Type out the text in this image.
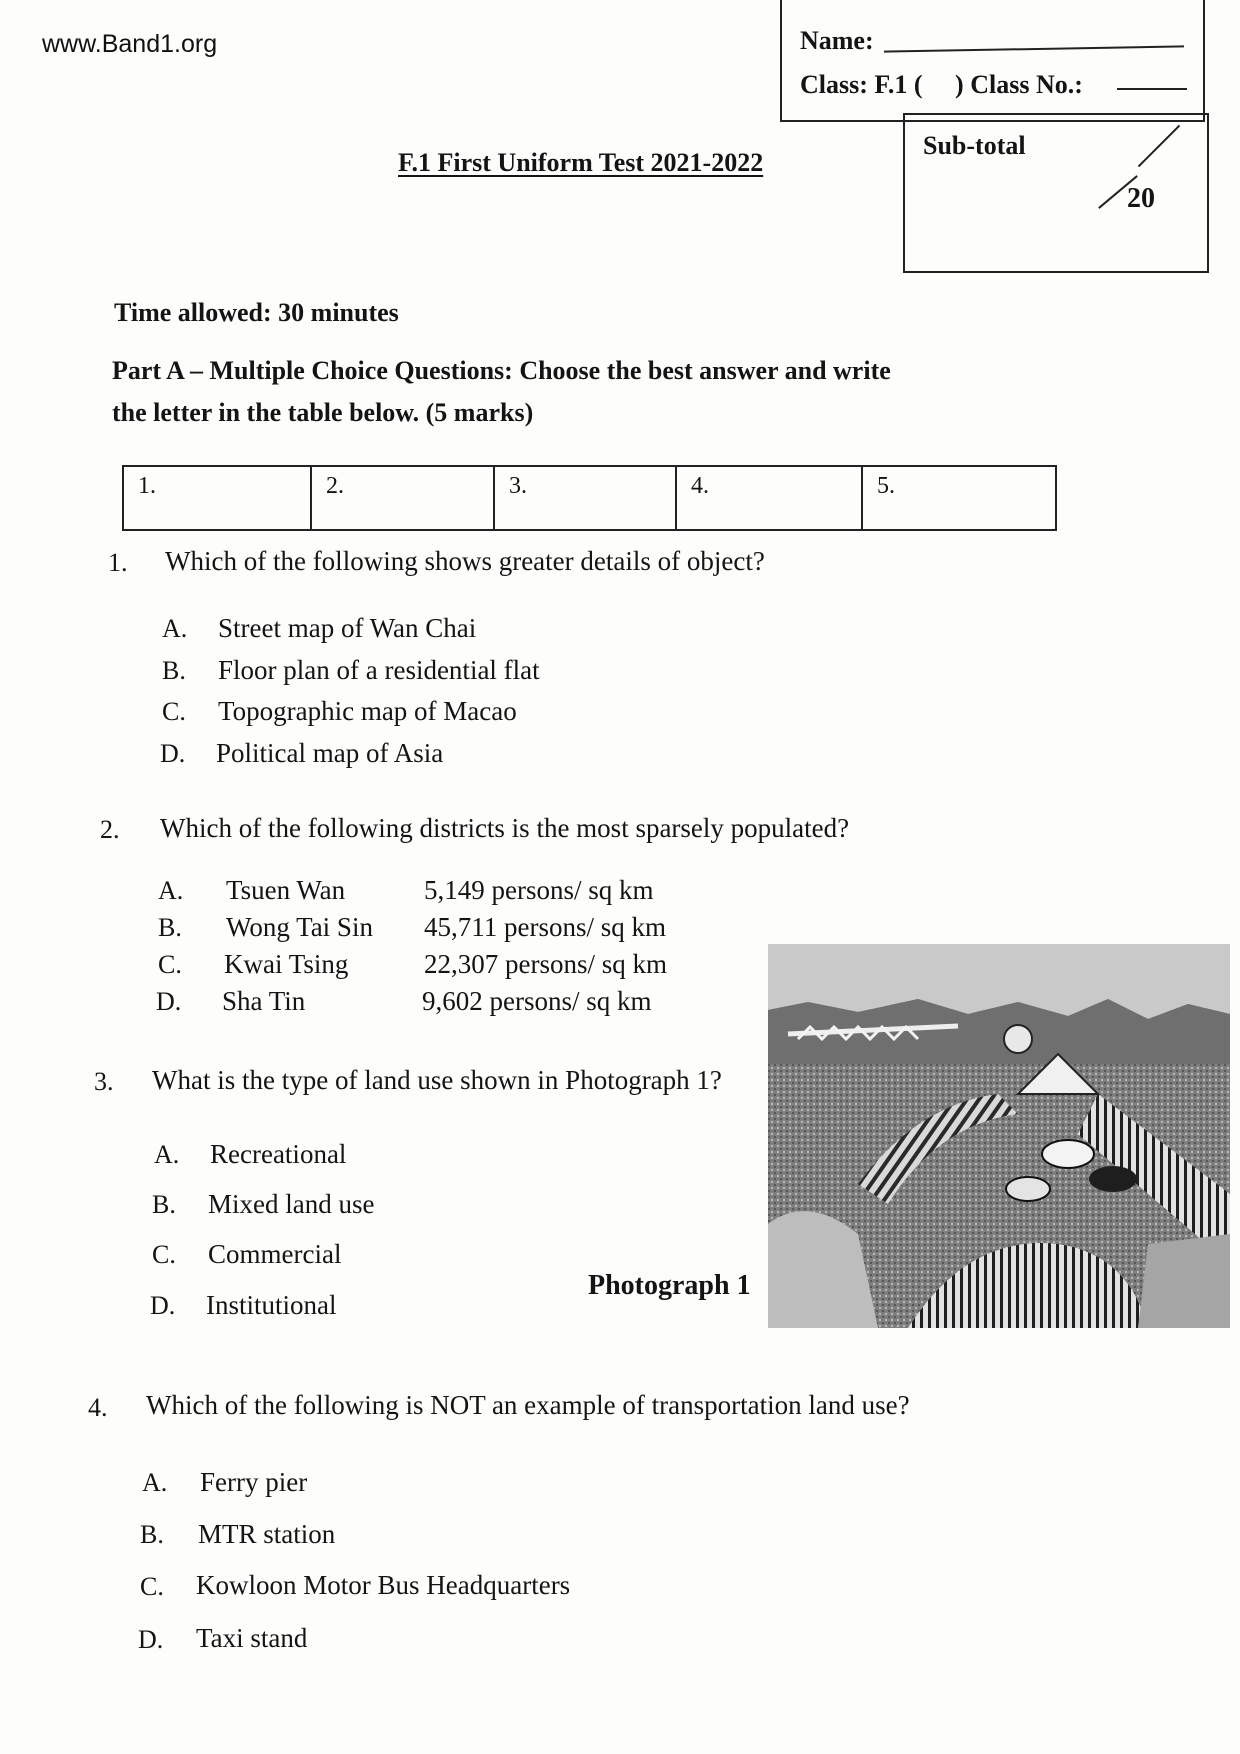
www.Band1.org	Name:
Class: F.1 (     ) Class No.:
Sub-total
20
F.1 First Uniform Test 2021-2022
Time allowed: 30 minutes
Part A – Multiple Choice Questions: Choose the best answer and write the letter in the table below. (5 marks)
1.	2.	3.	4.	5.
1. Which of the following shows greater details of object?
A. Street map of Wan Chai
B. Floor plan of a residential flat
C. Topographic map of Macao
D. Political map of Asia
2. Which of the following districts is the most sparsely populated?
A. Tsuen Wan	5,149 persons/ sq km
B. Wong Tai Sin 45,711 persons/ sq km
C. Kwai Tsing	22,307 persons/ sq km
D. Sha Tin	9,602 persons/ sq km
3. What is the type of land use shown in Photograph 1?
A. Recreational
B. Mixed land use
C. Commercial
D. Institutional
Photograph 1
4. Which of the following is NOT an example of transportation land use?
A. Ferry pier
B. MTR station
C. Kowloon Motor Bus Headquarters
D. Taxi stand
